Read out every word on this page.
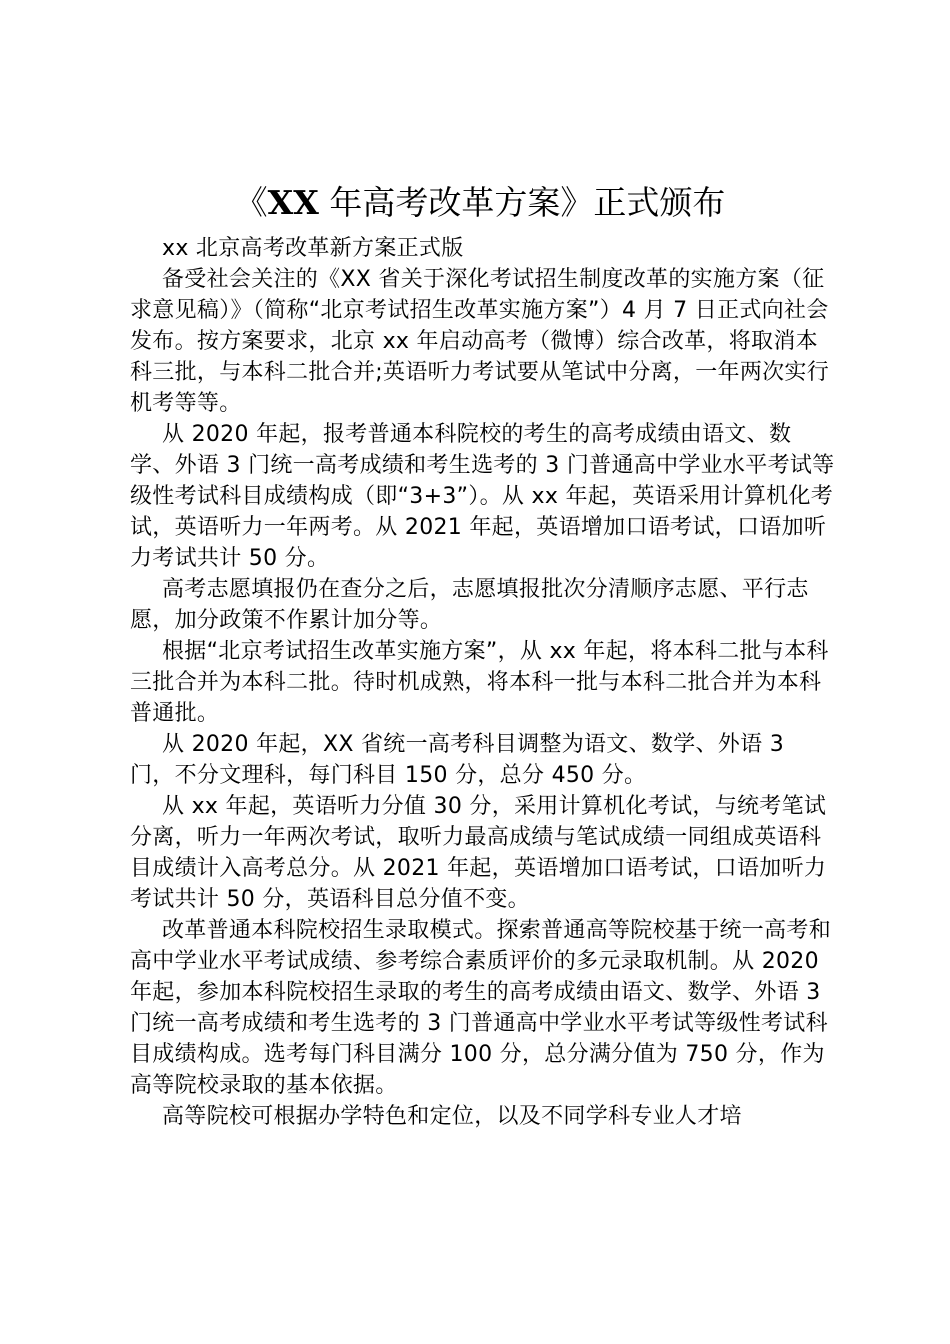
《XX 年高考改革方案》正式颁布

xx 北京高考改革新方案正式版

备受社会关注的《XX 省关于深化考试招生制度改革的实施方案（征求意见稿）》（简称“北京考试招生改革实施方案”）4 月 7 日正式向社会发布。按方案要求，北京 xx 年启动高考（微博）综合改革，将取消本科三批，与本科二批合并;英语听力考试要从笔试中分离，一年两次实行机考等等。

从 2020 年起，报考普通本科院校的考生的高考成绩由语文、数学、外语 3 门统一高考成绩和考生选考的 3 门普通高中学业水平考试等级性考试科目成绩构成（即“3+3”）。从 xx 年起，英语采用计算机化考试，英语听力一年两考。从 2021 年起，英语增加口语考试，口语加听力考试共计 50 分。

高考志愿填报仍在查分之后，志愿填报批次分清顺序志愿、平行志愿，加分政策不作累计加分等。

根据“北京考试招生改革实施方案”，从 xx 年起，将本科二批与本科三批合并为本科二批。待时机成熟，将本科一批与本科二批合并为本科普通批。

从 2020 年起，XX 省统一高考科目调整为语文、数学、外语 3 门，不分文理科，每门科目 150 分，总分 450 分。

从 xx 年起，英语听力分值 30 分，采用计算机化考试，与统考笔试分离，听力一年两次考试，取听力最高成绩与笔试成绩一同组成英语科目成绩计入高考总分。从 2021 年起，英语增加口语考试，口语加听力考试共计 50 分，英语科目总分值不变。

改革普通本科院校招生录取模式。探索普通高等院校基于统一高考和高中学业水平考试成绩、参考综合素质评价的多元录取机制。从 2020 年起，参加本科院校招生录取的考生的高考成绩由语文、数学、外语 3 门统一高考成绩和考生选考的 3 门普通高中学业水平考试等级性考试科目成绩构成。选考每门科目满分 100 分，总分满分值为 750 分，作为高等院校录取的基本依据。

高等院校可根据办学特色和定位，以及不同学科专业人才培
